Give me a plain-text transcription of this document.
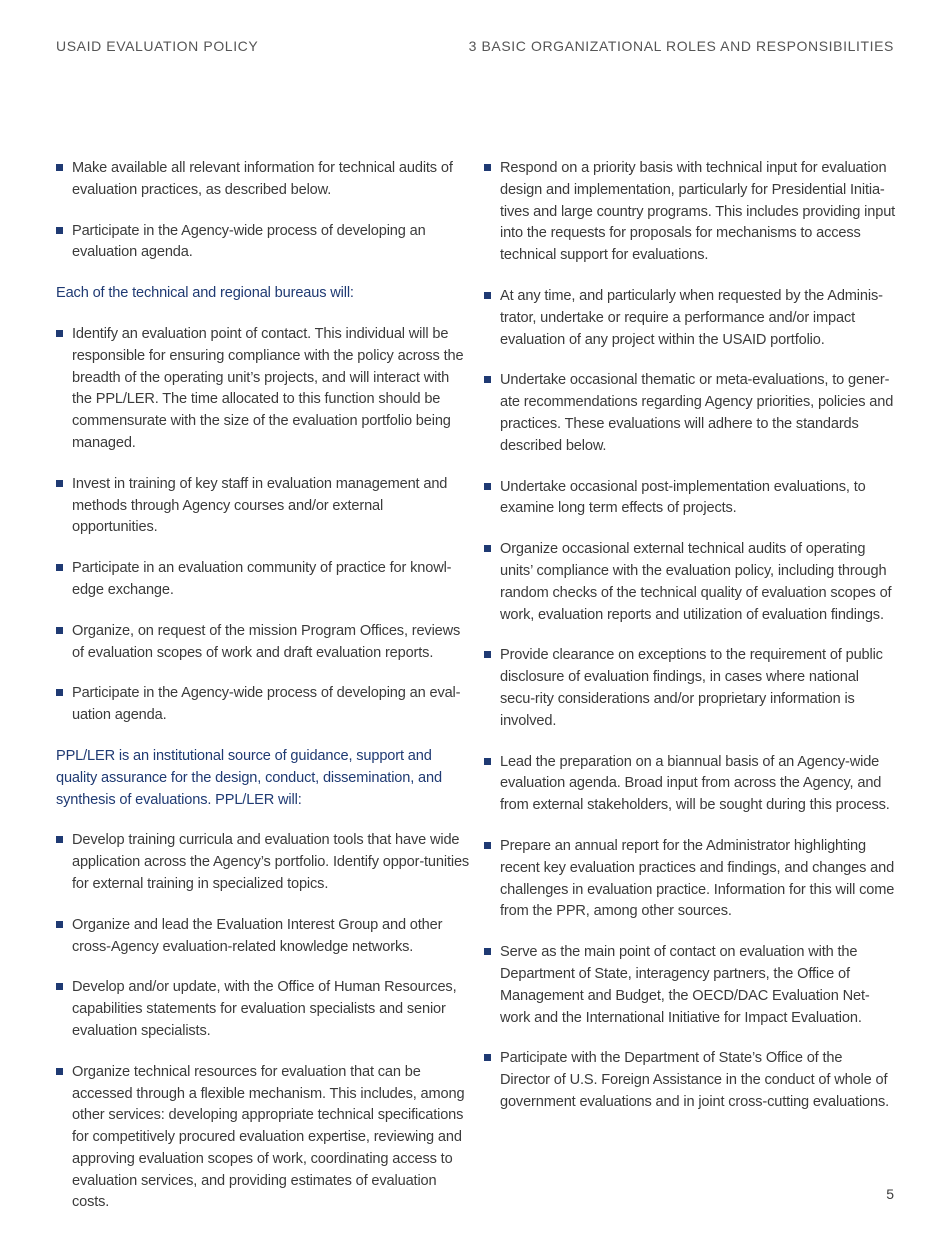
USAID EVALUATION POLICY	3 BASIC ORGANIZATIONAL ROLES AND RESPONSIBILITIES
Make available all relevant information for technical audits of evaluation practices, as described below.
Participate in the Agency-wide process of developing an evaluation agenda.
Each of the technical and regional bureaus will:
Identify an evaluation point of contact. This individual will be responsible for ensuring compliance with the policy across the breadth of the operating unit’s projects, and will interact with the PPL/LER. The time allocated to this function should be commensurate with the size of the evaluation portfolio being managed.
Invest in training of key staff in evaluation management and methods through Agency courses and/or external opportunities.
Participate in an evaluation community of practice for knowl-edge exchange.
Organize, on request of the mission Program Offices, reviews of evaluation scopes of work and draft evaluation reports.
Participate in the Agency-wide process of developing an eval-uation agenda.
PPL/LER is an institutional source of guidance, support and quality assurance for the design, conduct, dissemination, and synthesis of evaluations. PPL/LER will:
Develop training curricula and evaluation tools that have wide application across the Agency’s portfolio. Identify oppor-tunities for external training in specialized topics.
Organize and lead the Evaluation Interest Group and other cross-Agency evaluation-related knowledge networks.
Develop and/or update, with the Office of Human Resources, capabilities statements for evaluation specialists and senior evaluation specialists.
Organize technical resources for evaluation that can be accessed through a flexible mechanism. This includes, among other services: developing appropriate technical specifications for competitively procured evaluation expertise, reviewing and approving evaluation scopes of work, coordinating access to evaluation services, and providing estimates of evaluation costs.
Respond on a priority basis with technical input for evaluation design and implementation, particularly for Presidential Initia-tives and large country programs. This includes providing input into the requests for proposals for mechanisms to access technical support for evaluations.
At any time, and particularly when requested by the Adminis-trator, undertake or require a performance and/or impact evaluation of any project within the USAID portfolio.
Undertake occasional thematic or meta-evaluations, to gener-ate recommendations regarding Agency priorities, policies and practices. These evaluations will adhere to the standards described below.
Undertake occasional post-implementation evaluations, to examine long term effects of projects.
Organize occasional external technical audits of operating units’ compliance with the evaluation policy, including through random checks of the technical quality of evaluation scopes of work, evaluation reports and utilization of evaluation findings.
Provide clearance on exceptions to the requirement of public disclosure of evaluation findings, in cases where national secu-rity considerations and/or proprietary information is involved.
Lead the preparation on a biannual basis of an Agency-wide evaluation agenda. Broad input from across the Agency, and from external stakeholders, will be sought during this process.
Prepare an annual report for the Administrator highlighting recent key evaluation practices and findings, and changes and challenges in evaluation practice. Information for this will come from the PPR, among other sources.
Serve as the main point of contact on evaluation with the Department of State, interagency partners, the Office of Management and Budget, the OECD/DAC Evaluation Net-work and the International Initiative for Impact Evaluation.
Participate with the Department of State’s Office of the Director of U.S. Foreign Assistance in the conduct of whole of government evaluations and in joint cross-cutting evaluations.
5
